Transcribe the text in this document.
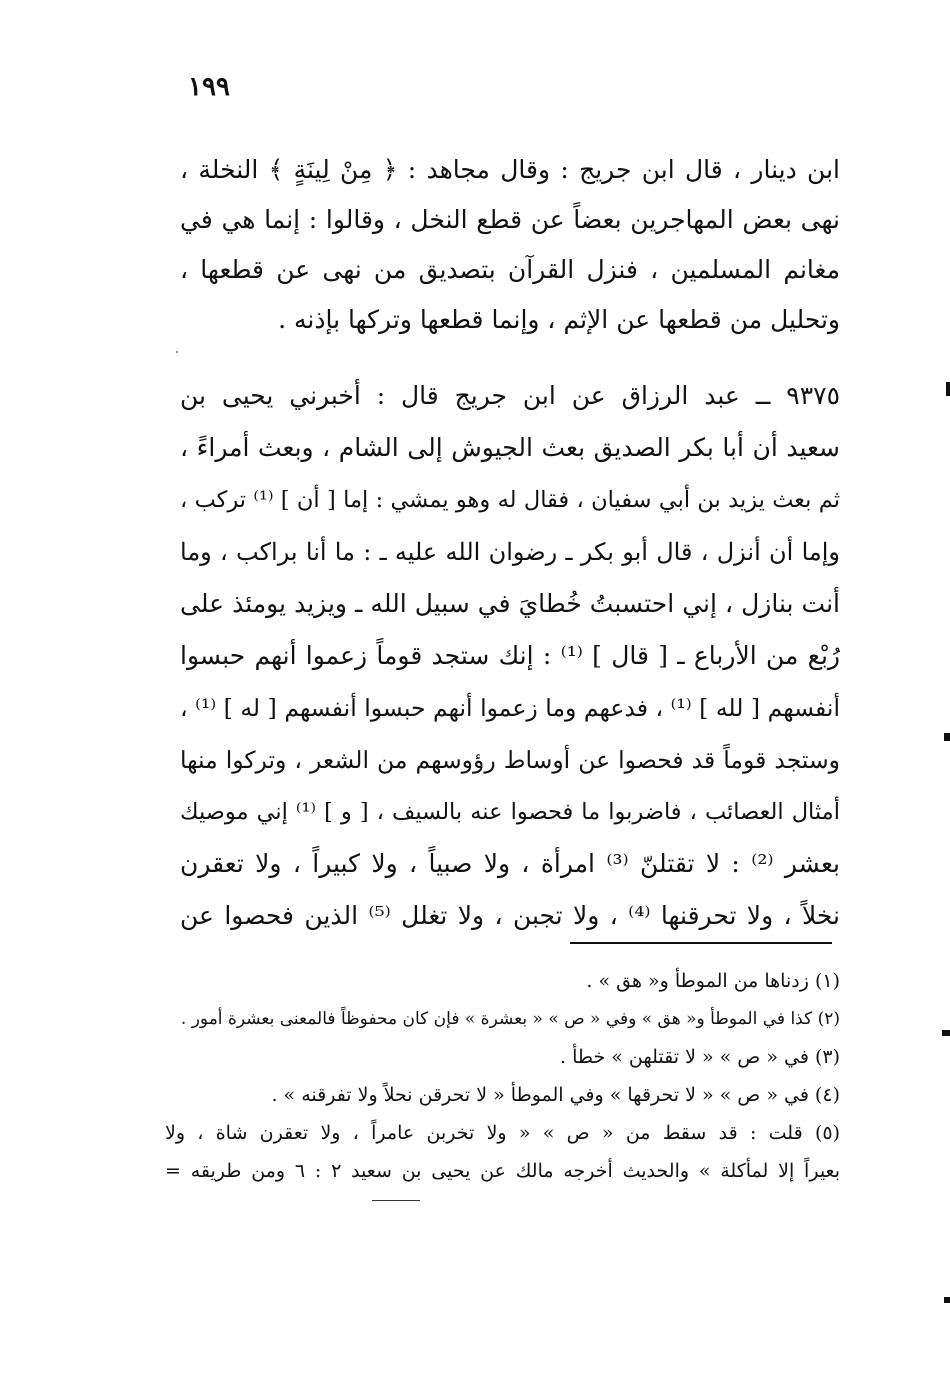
١٩٩
ابن دينار ، قال ابن جريج : وقال مجاهد : ﴿ مِنْ لِينَةٍ ﴾ النخلة ،
نهى بعض المهاجرين بعضاً عن قطع النخل ، وقالوا : إنما هي في
مغانم المسلمين ، فنزل القرآن بتصديق من نهى عن قطعها ،
وتحليل من قطعها عن الإثم ، وإنما قطعها وتركها بإذنه .
٩٣٧٥ ــ عبد الرزاق عن ابن جريج قال : أخبرني يحيى بن
سعيد أن أبا بكر الصديق بعث الجيوش إلى الشام ، وبعث أمراءً ،
ثم بعث يزيد بن أبي سفيان ، فقال له وهو يمشي : إما [ أن ] ⁽¹⁾ تركب ،
وإما أن أنزل ، قال أبو بكر ـ رضوان الله عليه ـ : ما أنا براكب ، وما
أنت بنازل ، إني احتسبتُ خُطايَ في سبيل الله ـ ويزيد يومئذ على
رُبْع من الأرباع ـ [ قال ] ⁽¹⁾ : إنك ستجد قوماً زعموا أنهم حبسوا
أنفسهم [ لله ] ⁽¹⁾ ، فدعهم وما زعموا أنهم حبسوا أنفسهم [ له ] ⁽¹⁾ ،
وستجد قوماً قد فحصوا عن أوساط رؤوسهم من الشعر ، وتركوا منها
أمثال العصائب ، فاضربوا ما فحصوا عنه بالسيف ، [ و ] ⁽¹⁾ إني موصيك
بعشر ⁽²⁾ : لا تقتلنّ ⁽³⁾ امرأة ، ولا صبياً ، ولا كبيراً ، ولا تعقرن
نخلاً ، ولا تحرقنها ⁽⁴⁾ ، ولا تجبن ، ولا تغلل ⁽⁵⁾ الذين فحصوا عن
(١) زدناها من الموطأ و« هق » .
(٢) كذا في الموطأ و« هق » وفي « ص » « بعشرة » فإن كان محفوظاً فالمعنى بعشرة أمور .
(٣) في « ص » « لا تقتلهن » خطأ .
(٤) في « ص » « لا تحرقها » وفي الموطأ « لا تحرقن نحلاً ولا تفرقنه » .
(٥) قلت : قد سقط من « ص » « ولا تخربن عامراً ، ولا تعقرن شاة ، ولا
بعيراً إلا لمأكلة » والحديث أخرجه مالك عن يحيى بن سعيد ٢ : ٦ ومن طريقه =
